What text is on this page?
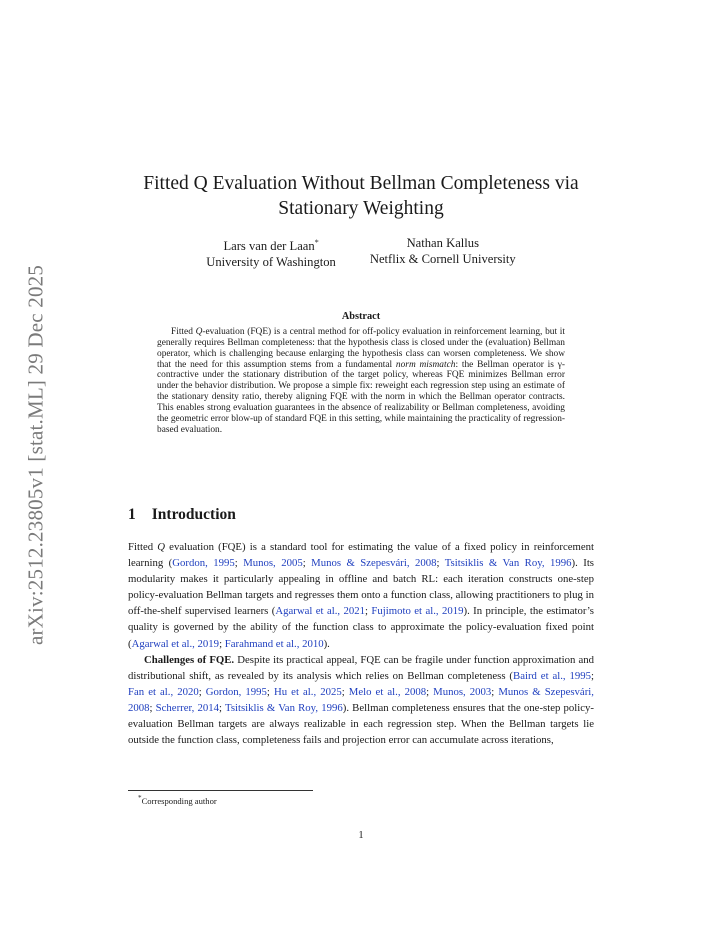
arXiv:2512.23805v1 [stat.ML] 29 Dec 2025
Fitted Q Evaluation Without Bellman Completeness via Stationary Weighting
Lars van der Laan*
University of Washington
Nathan Kallus
Netflix & Cornell University
Abstract
Fitted Q-evaluation (FQE) is a central method for off-policy evaluation in reinforcement learning, but it generally requires Bellman completeness: that the hypothesis class is closed under the (evaluation) Bellman operator, which is challenging because enlarging the hypothesis class can worsen completeness. We show that the need for this assumption stems from a fundamental norm mismatch: the Bellman operator is γ-contractive under the stationary distribution of the target policy, whereas FQE minimizes Bellman error under the behavior distribution. We propose a simple fix: reweight each regression step using an estimate of the stationary density ratio, thereby aligning FQE with the norm in which the Bellman operator contracts. This enables strong evaluation guarantees in the absence of realizability or Bellman completeness, avoiding the geometric error blow-up of standard FQE in this setting, while maintaining the practicality of regression-based evaluation.
1 Introduction

Fitted Q evaluation (FQE) is a standard tool for estimating the value of a fixed policy in reinforcement learning (Gordon, 1995; Munos, 2005; Munos & Szepesvári, 2008; Tsitsiklis & Van Roy, 1996). Its modularity makes it particularly appealing in offline and batch RL: each iteration constructs one-step policy-evaluation Bellman targets and regresses them onto a function class, allowing practitioners to plug in off-the-shelf supervised learners (Agarwal et al., 2021; Fujimoto et al., 2019). In principle, the estimator’s quality is governed by the ability of the function class to approximate the policy-evaluation fixed point (Agarwal et al., 2019; Farahmand et al., 2010).

Challenges of FQE. Despite its practical appeal, FQE can be fragile under function approximation and distributional shift, as revealed by its analysis which relies on Bellman completeness (Baird et al., 1995; Fan et al., 2020; Gordon, 1995; Hu et al., 2025; Melo et al., 2008; Munos, 2003; Munos & Szepesvári, 2008; Scherrer, 2014; Tsitsiklis & Van Roy, 1996). Bellman completeness ensures that the one-step policy-evaluation Bellman targets are always realizable in each regression step. When the Bellman targets lie outside the function class, completeness fails and projection error can accumulate across iterations,

*Corresponding author
1
